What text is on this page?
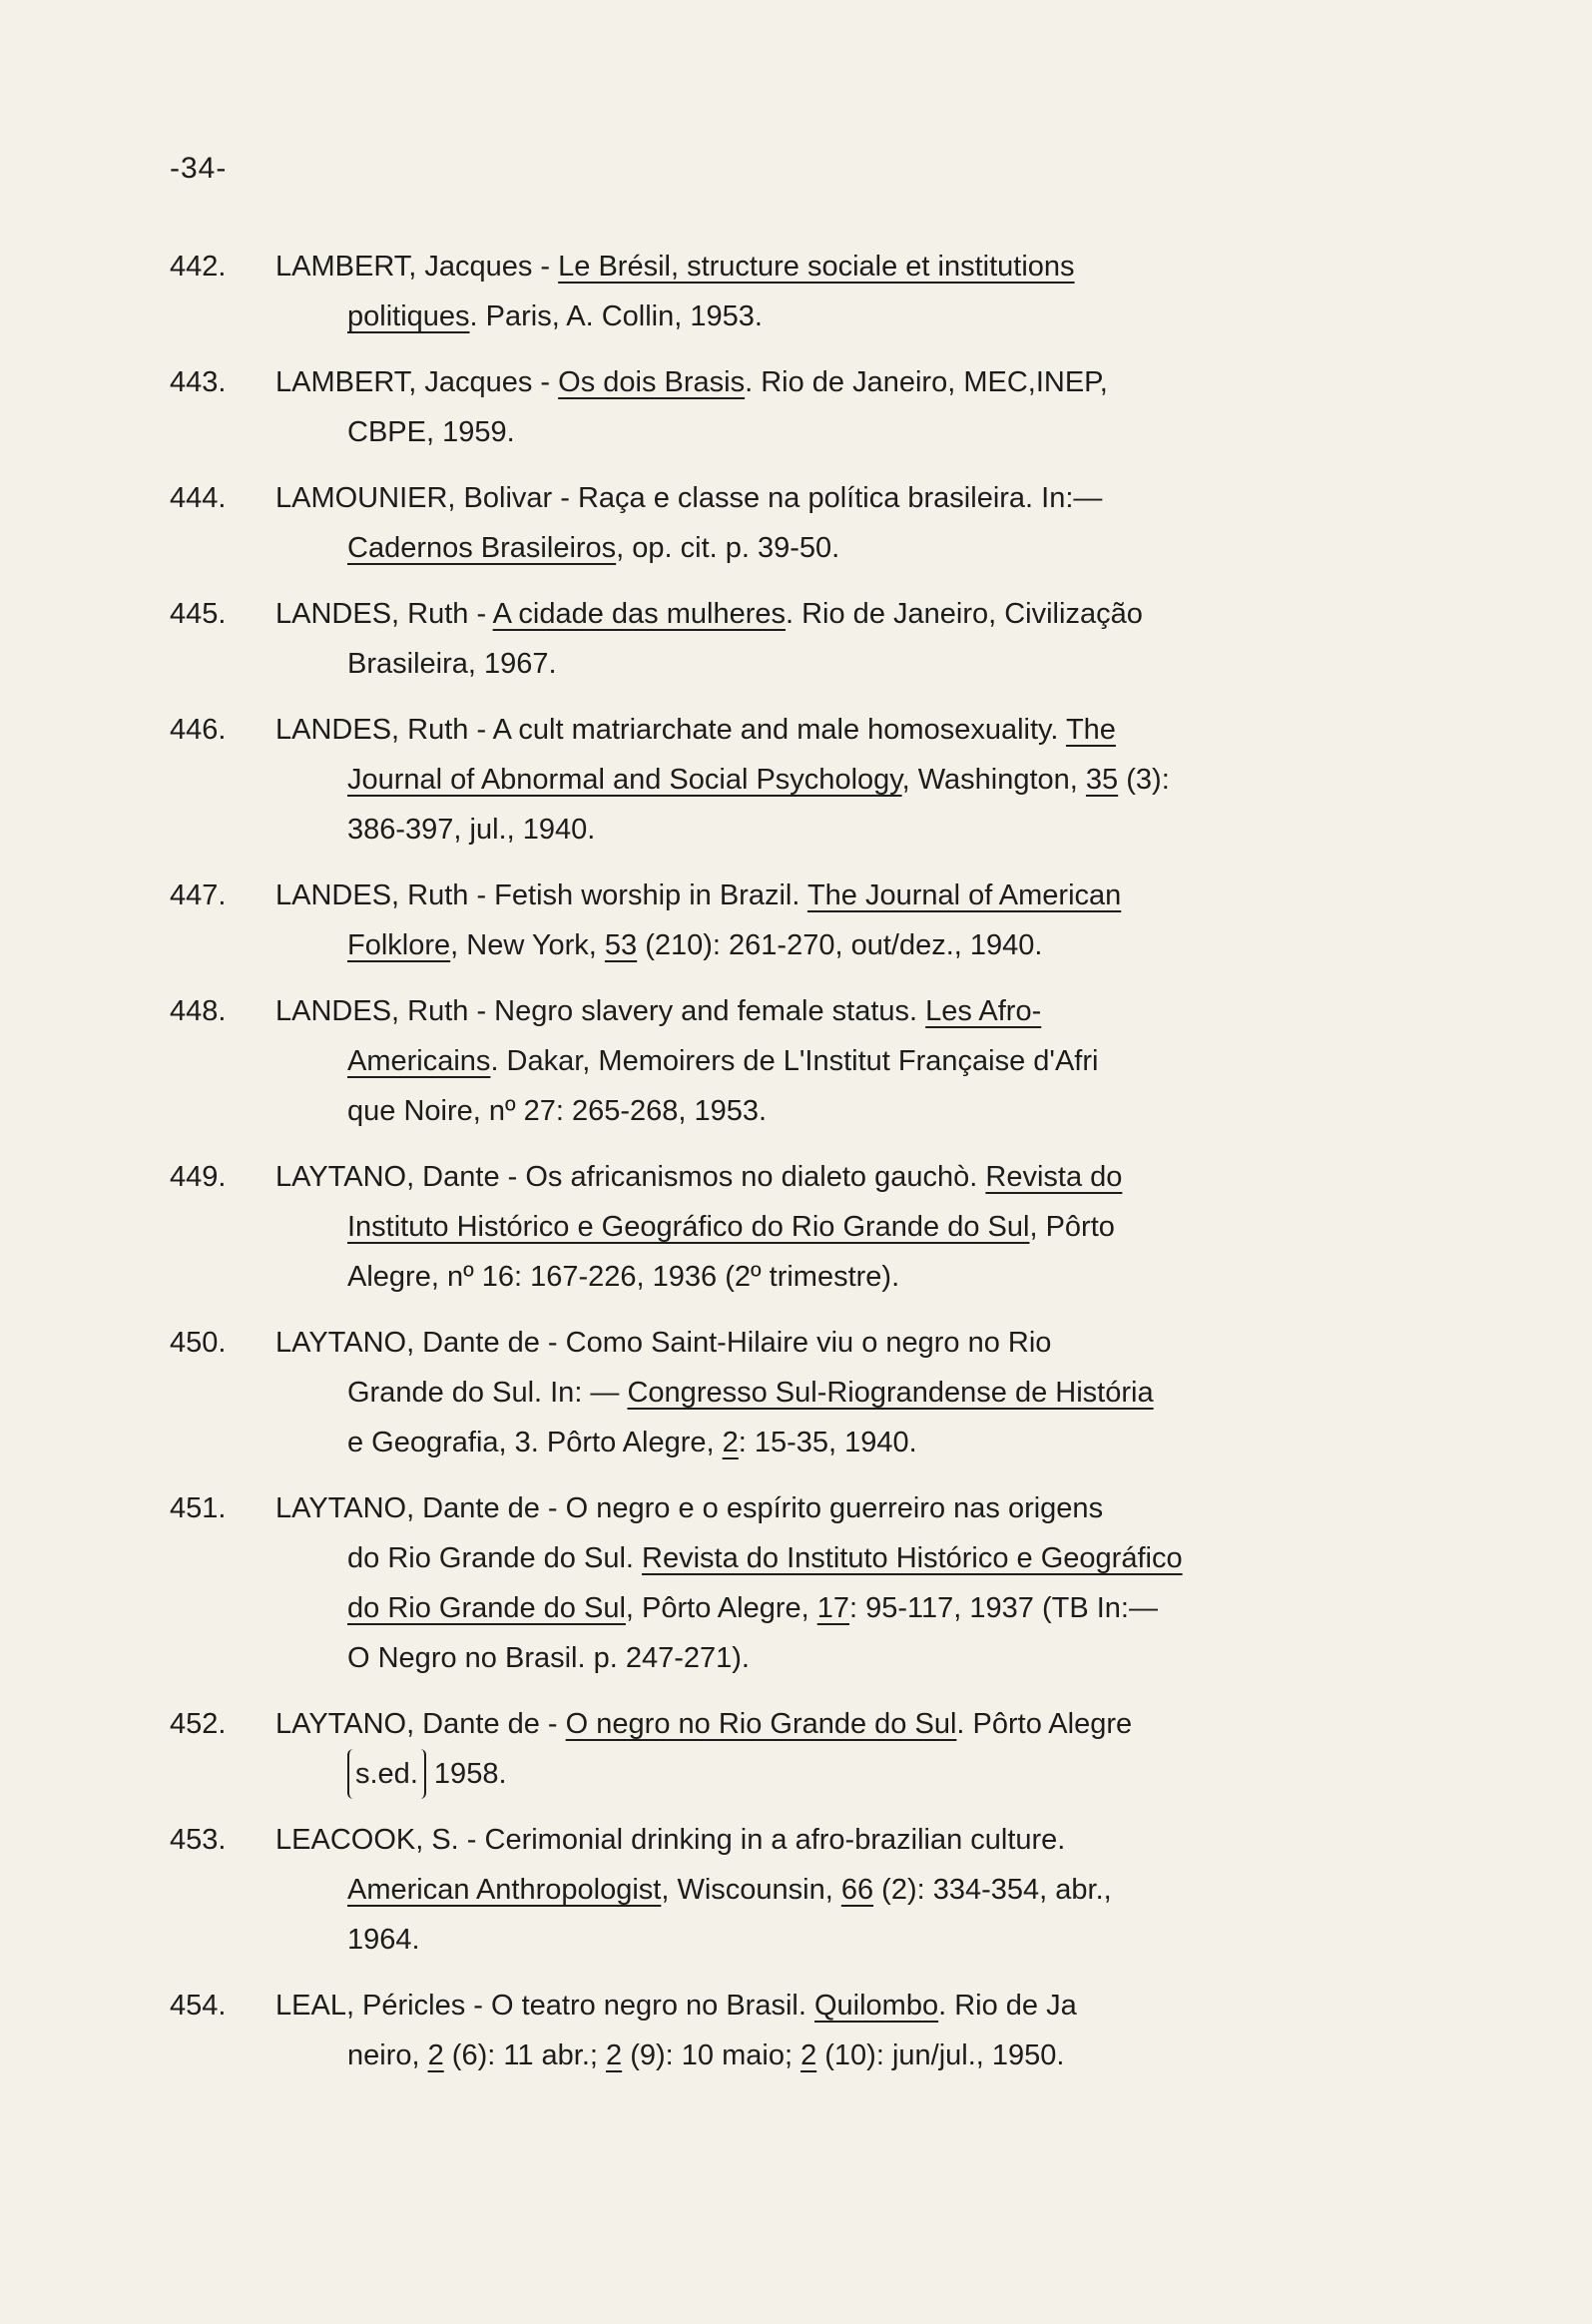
-34-
442.	LAMBERT, Jacques - Le Brésil, structure sociale et institutions
politiques. Paris, A. Collin, 1953.
443.	LAMBERT, Jacques - Os dois Brasis. Rio de Janeiro, MEC,INEP,
CBPE, 1959.
444.	LAMOUNIER, Bolivar - Raça e classe na política brasileira. In:—
Cadernos Brasileiros, op. cit. p. 39-50.
445.	LANDES, Ruth - A cidade das mulheres. Rio de Janeiro, Civilização
Brasileira, 1967.
446.	LANDES, Ruth - A cult matriarchate and male homosexuality. The
Journal of Abnormal and Social Psychology, Washington, 35 (3):
386-397, jul., 1940.
447.	LANDES, Ruth - Fetish worship in Brazil. The Journal of American
Folklore, New York, 53 (210): 261-270, out/dez., 1940.
448.	LANDES, Ruth - Negro slavery and female status. Les Afro-
Americains. Dakar, Memoirers de L'Institut Française d'Afri
que Noire, nº 27: 265-268, 1953.
449.	LAYTANO, Dante - Os africanismos no dialeto gauchò. Revista do
Instituto Histórico e Geográfico do Rio Grande do Sul, Pôrto
Alegre, nº 16: 167-226, 1936 (2º trimestre).
450.	LAYTANO, Dante de - Como Saint-Hilaire viu o negro no Rio
Grande do Sul. In: — Congresso Sul-Riograndense de História
e Geografia, 3. Pôrto Alegre, 2: 15-35, 1940.
451.	LAYTANO, Dante de - O negro e o espírito guerreiro nas origens
do Rio Grande do Sul. Revista do Instituto Histórico e Geográfico
do Rio Grande do Sul, Pôrto Alegre, 17: 95-117, 1937 (TB In:—
O Negro no Brasil. p. 247-271).
452.	LAYTANO, Dante de - O negro no Rio Grande do Sul. Pôrto Alegre
s.ed. 1958.
453.	LEACOOK, S. - Cerimonial drinking in a afro-brazilian culture.
American Anthropologist, Wiscounsin, 66 (2): 334-354, abr.,
1964.
454.	LEAL, Péricles - O teatro negro no Brasil. Quilombo. Rio de Ja
neiro, 2 (6): 11 abr.; 2 (9): 10 maio; 2 (10): jun/jul., 1950.
